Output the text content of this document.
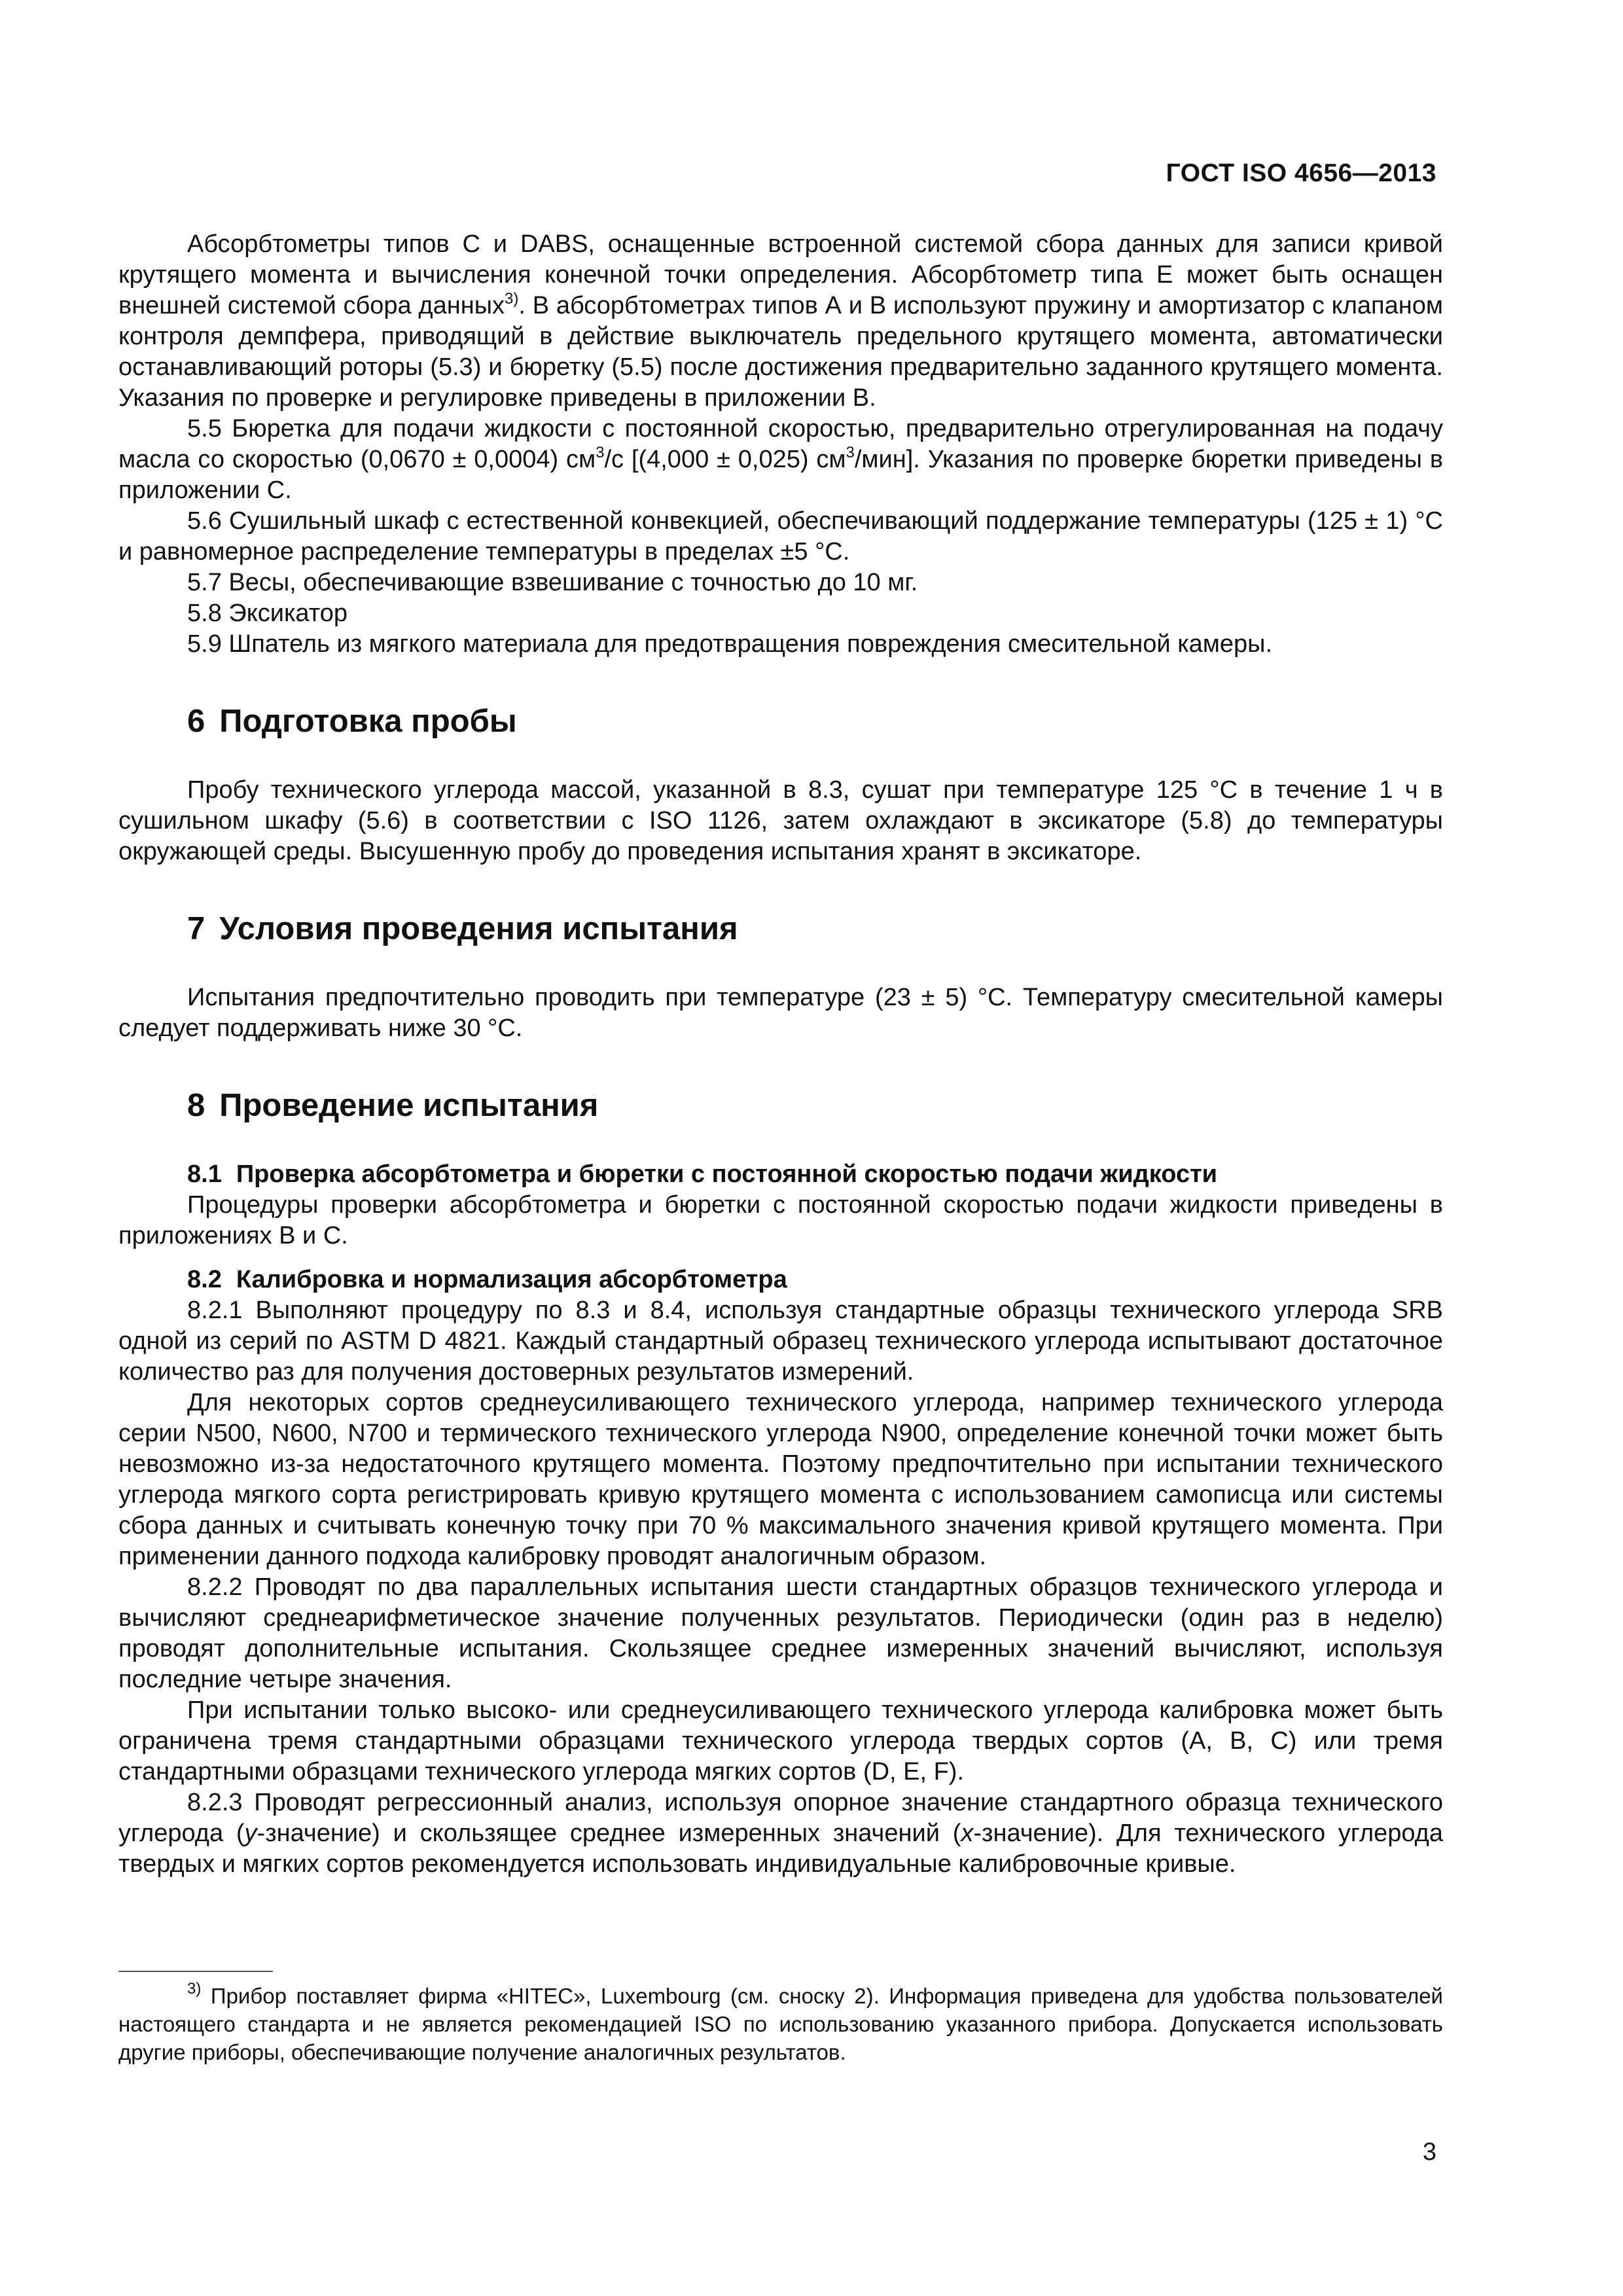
ГОСТ ISO 4656—2013

Абсорбтометры типов С и DABS, оснащенные встроенной системой сбора данных для записи кривой крутящего момента и вычисления конечной точки определения. Абсорбтометр типа Е может быть оснащен внешней системой сбора данных$^{3)}$. В абсорбтометрах типов А и В используют пружину и амортизатор с клапаном контроля демпфера, приводящий в действие выключатель предельного крутящего момента, автоматически останавливающий роторы (5.3) и бюретку (5.5) после достижения предварительно заданного крутящего момента. Указания по проверке и регулировке приведены в приложении В.

5.5 Бюретка для подачи жидкости с постоянной скоростью, предварительно отрегулированная на подачу масла со скоростью (0,0670 ± 0,0004) $см^3/с$ [(4,000 ± 0,025) $см^3/мин$]. Указания по проверке бюретки приведены в приложении С.

5.6 Сушильный шкаф с естественной конвекцией, обеспечивающий поддержание температуры (125 ± 1) °С и равномерное распределение температуры в пределах ±5 °С.

5.7 Весы, обеспечивающие взвешивание с точностью до 10 мг.

5.8 Эксикатор

5.9 Шпатель из мягкого материала для предотвращения повреждения смесительной камеры.

6 Подготовка пробы

Пробу технического углерода массой, указанной в 8.3, сушат при температуре 125 °С в течение 1 ч в сушильном шкафу (5.6) в соответствии с ISO 1126, затем охлаждают в эксикаторе (5.8) до температуры окружающей среды. Высушенную пробу до проведения испытания хранят в эксикаторе.

7 Условия проведения испытания

Испытания предпочтительно проводить при температуре (23 ± 5) °С. Температуру смесительной камеры следует поддерживать ниже 30 °С.

8 Проведение испытания
8.1 Проверка абсорбтометра и бюретки с постоянной скоростью подачи жидкости

Процедуры проверки абсорбтометра и бюретки с постоянной скоростью подачи жидкости приведены в приложениях В и С.

8.2 Калибровка и нормализация абсорбтометра

8.2.1 Выполняют процедуру по 8.3 и 8.4, используя стандартные образцы технического углерода SRB одной из серий по ASTM D 4821. Каждый стандартный образец технического углерода испытывают достаточное количество раз для получения достоверных результатов измерений.

Для некоторых сортов среднеусиливающего технического углерода, например технического углерода серии N500, N600, N700 и термического технического углерода N900, определение конечной точки может быть невозможно из-за недостаточного крутящего момента. Поэтому предпочтительно при испытании технического углерода мягкого сорта регистрировать кривую крутящего момента с использованием самописца или системы сбора данных и считывать конечную точку при 70 % максимального значения кривой крутящего момента. При применении данного подхода калибровку проводят аналогичным образом.

8.2.2 Проводят по два параллельных испытания шести стандартных образцов технического углерода и вычисляют среднеарифметическое значение полученных результатов. Периодически (один раз в неделю) проводят дополнительные испытания. Скользящее среднее измеренных значений вычисляют, используя последние четыре значения.

При испытании только высоко- или среднеусиливающего технического углерода калибровка может быть ограничена тремя стандартными образцами технического углерода твердых сортов (А, В, С) или тремя стандартными образцами технического углерода мягких сортов (D, Е, F).

8.2.3 Проводят регрессионный анализ, используя опорное значение стандартного образца технического углерода (y-значение) и скользящее среднее измеренных значений (x-значение). Для технического углерода твердых и мягких сортов рекомендуется использовать индивидуальные калибровочные кривые.

$^{3)}$ Прибор поставляет фирма «HITEC», Luxembourg (см. сноску 2). Информация приведена для удобства пользователей настоящего стандарта и не является рекомендацией ISO по использованию указанного прибора. Допускается использовать другие приборы, обеспечивающие получение аналогичных результатов.

3
